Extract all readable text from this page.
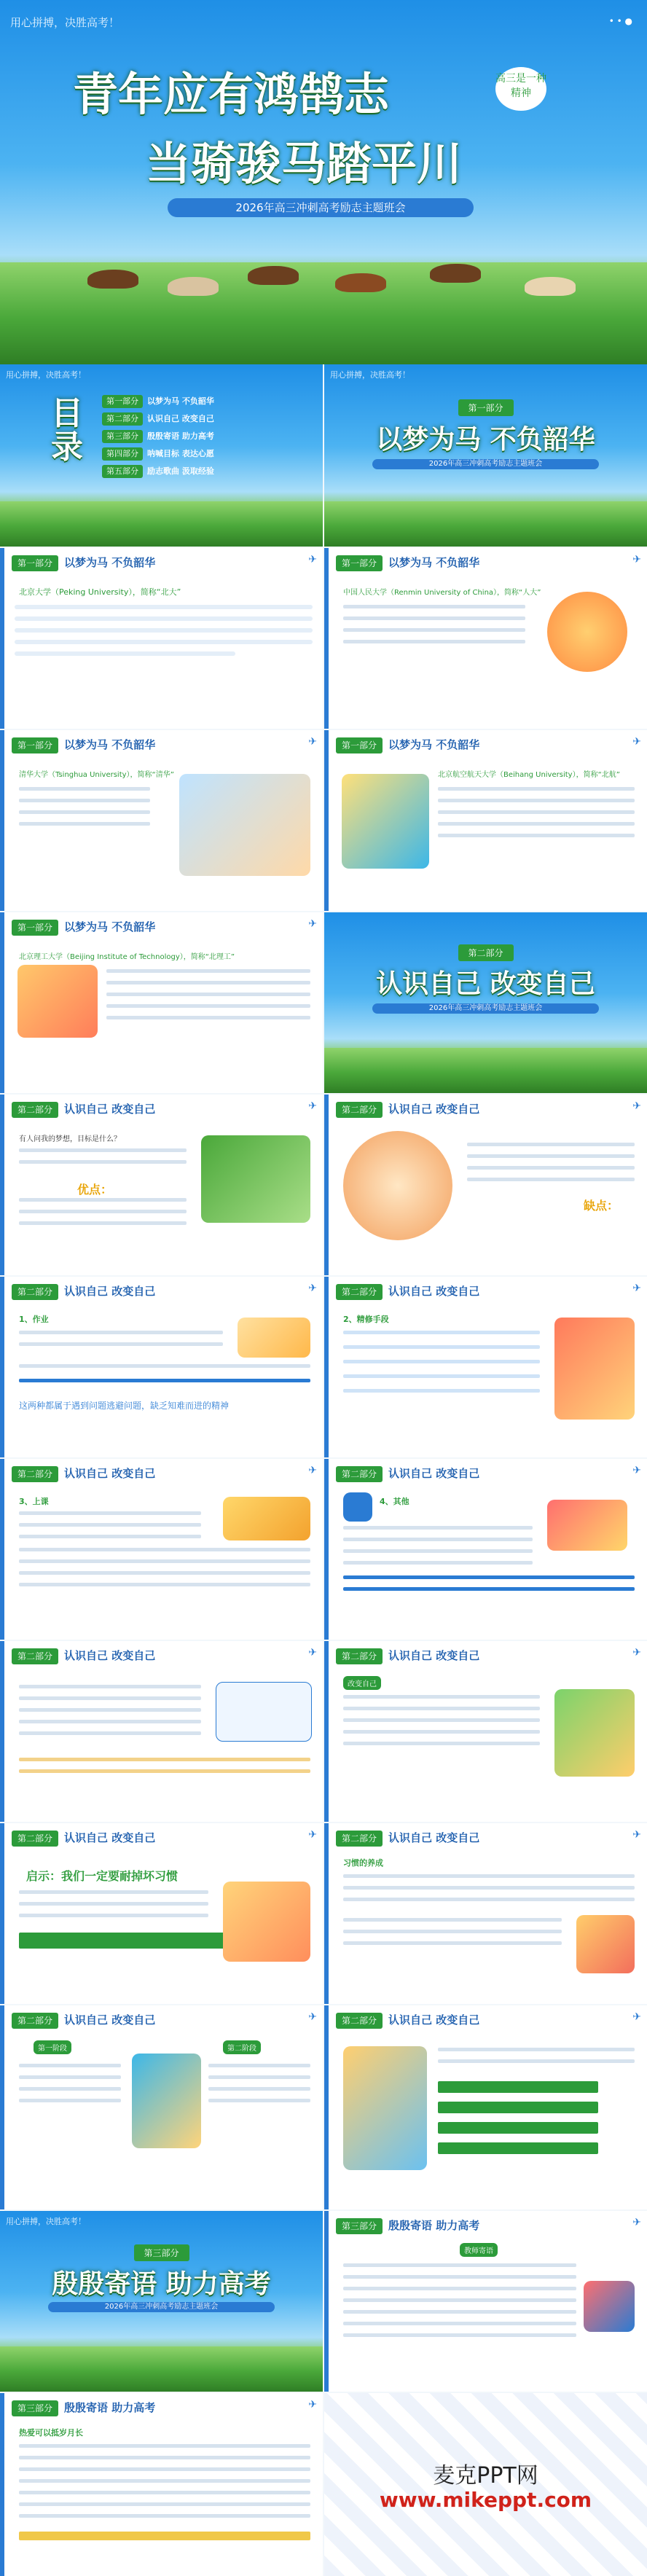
用心拼搏，决胜高考！	• • ●
青年应有鸿鹄志	高三是一种精神
当骑骏马踏平川
2026年高三冲刺高考励志主题班会
用心拼搏，决胜高考！
目
录
第一部分 以梦为马 不负韶华
第二部分 认识自己 改变自己
第三部分 殷殷寄语 助力高考
第四部分 呐喊目标 表达心愿
第五部分 励志歌曲 汲取经验
用心拼搏，决胜高考！
第一部分
以梦为马 不负韶华
2026年高三冲刺高考励志主题班会
第一部分	以梦为马 不负韶华	✈
北京大学（Peking University），简称“北大”
第一部分	以梦为马 不负韶华	✈
中国人民大学（Renmin University of China），简称“人大”
第一部分	以梦为马 不负韶华	✈
清华大学（Tsinghua University），简称“清华”
第一部分	以梦为马 不负韶华	✈
北京航空航天大学（Beihang University），简称“北航”
第一部分	以梦为马 不负韶华	✈
北京理工大学（Beijing Institute of Technology），简称“北理工”	第二部分
认识自己 改变自己
2026年高三冲刺高考励志主题班会
第二部分	认识自己 改变自己	✈
有人问我的梦想，目标是什么？
优点：
第二部分	认识自己 改变自己	✈
缺点：
第二部分	认识自己 改变自己	✈
1、作业
这两种都属于遇到问题逃避问题，缺乏知难而进的精神
第二部分	认识自己 改变自己	✈
2、精修手段
第二部分	认识自己 改变自己	✈
3、上课
第二部分	认识自己 改变自己	✈
4、其他
第二部分	认识自己 改变自己	✈	第二部分	认识自己 改变自己	✈
改变自己
第二部分	认识自己 改变自己	✈
启示：我们一定要耐掉坏习惯
第二部分	认识自己 改变自己	✈
习惯的养成
第二部分	认识自己 改变自己	✈
第一阶段	第二阶段
第二部分	认识自己 改变自己	✈
用心拼搏，决胜高考！
第三部分
殷殷寄语 助力高考
2026年高三冲刺高考励志主题班会
第三部分	殷殷寄语 助力高考	✈
教师寄语
第三部分	殷殷寄语 助力高考	✈
热爱可以抵岁月长
麦克PPT网
www.mikeppt.com
